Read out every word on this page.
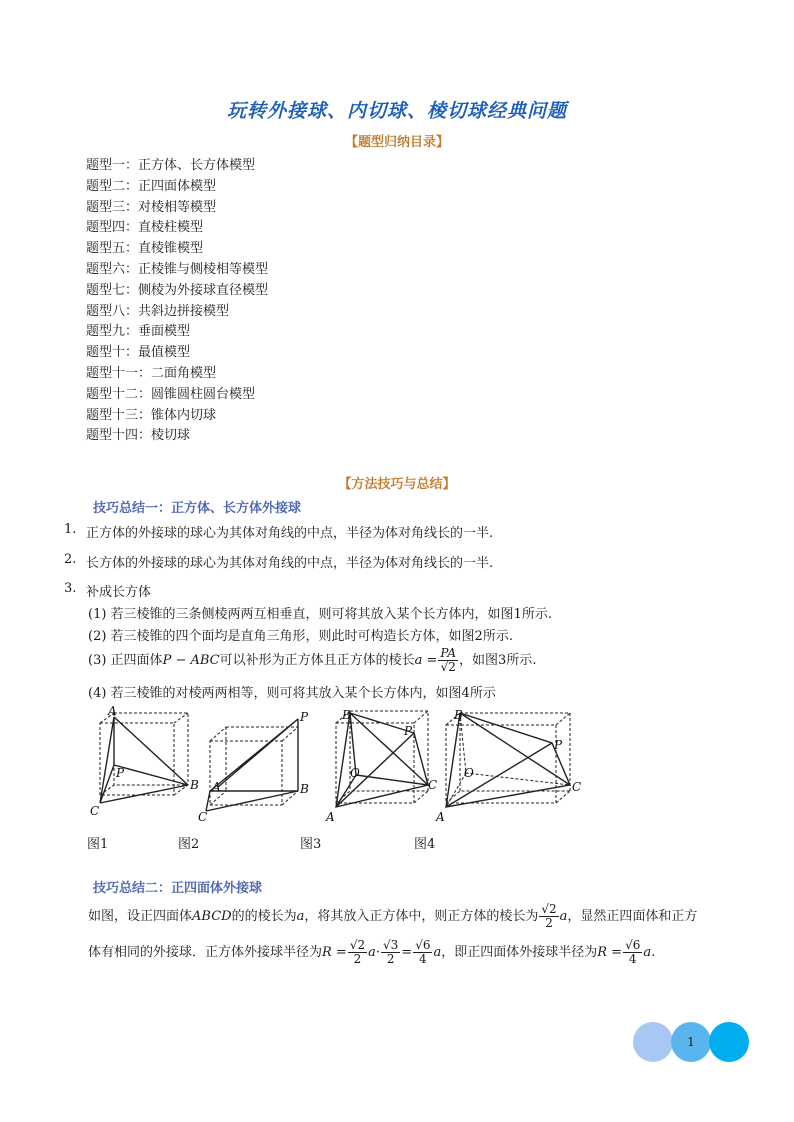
玩转外接球、内切球、棱切球经典问题
【题型归纳目录】
题型一：正方体、长方体模型
题型二：正四面体模型
题型三：对棱相等模型
题型四：直棱柱模型
题型五：直棱锥模型
题型六：正棱锥与侧棱相等模型
题型七：侧棱为外接球直径模型
题型八：共斜边拼接模型
题型九：垂面模型
题型十：最值模型
题型十一：二面角模型
题型十二：圆锥圆柱圆台模型
题型十三：锥体内切球
题型十四：棱切球
【方法技巧与总结】
技巧总结一：正方体、长方体外接球
1. 正方体的外接球的球心为其体对角线的中点，半径为体对角线长的一半.
2. 长方体的外接球的球心为其体对角线的中点，半径为体对角线长的一半.
3. 补成长方体
(1) 若三棱锥的三条侧棱两两互相垂直，则可将其放入某个长方体内，如图1所示.
(2) 若三棱锥的四个面均是直角三角形，则此时可构造长方体，如图2所示.
(3) 正四面体P − ABC可以补形为正方体且正方体的棱长$a = \frac{PA}{√2}$ ，如图3所示.
(4) 若三棱锥的对棱两两相等，则可将其放入某个长方体内，如图4所示
A
P
B
C
P
A	B
C
B
P
O
C
A
B
P
O
C
A
图1	图2	图3	图4
技巧总结二：正四面体外接球
如图，设正四面体ABCD的的棱长为a，将其放入正方体中，则正方体的棱长为 $\frac{√2}{2}$ a，显然正四面体和正方
体有相同的外接球．正方体外接球半径为$R = \frac{√2}{2} a\cdot \frac{√3}{2} = \frac{√6}{4}$ a，即正四面体外接球半径为$R = \frac{√6}{4} a$.
1
